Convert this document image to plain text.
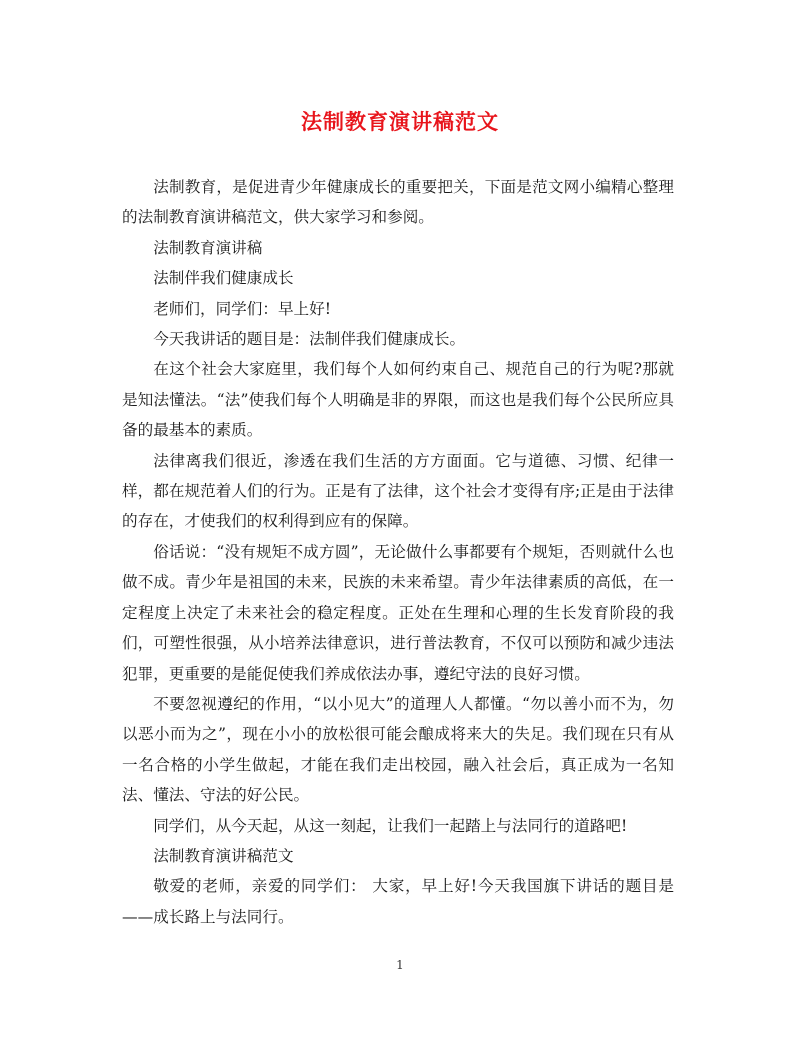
法制教育演讲稿范文

法制教育，是促进青少年健康成长的重要把关，下面是范文网小编精心整理的法制教育演讲稿范文，供大家学习和参阅。

法制教育演讲稿

法制伴我们健康成长

老师们，同学们：早上好!

今天我讲话的题目是：法制伴我们健康成长。

在这个社会大家庭里，我们每个人如何约束自己、规范自己的行为呢?那就是知法懂法。“法”使我们每个人明确是非的界限，而这也是我们每个公民所应具备的最基本的素质。

法律离我们很近，渗透在我们生活的方方面面。它与道德、习惯、纪律一样，都在规范着人们的行为。正是有了法律，这个社会才变得有序;正是由于法律的存在，才使我们的权利得到应有的保障。

俗话说：“没有规矩不成方圆”，无论做什么事都要有个规矩，否则就什么也做不成。青少年是祖国的未来，民族的未来希望。青少年法律素质的高低，在一定程度上决定了未来社会的稳定程度。正处在生理和心理的生长发育阶段的我们，可塑性很强，从小培养法律意识，进行普法教育，不仅可以预防和减少违法犯罪，更重要的是能促使我们养成依法办事，遵纪守法的良好习惯。

不要忽视遵纪的作用，“以小见大”的道理人人都懂。“勿以善小而不为，勿以恶小而为之”，现在小小的放松很可能会酿成将来大的失足。我们现在只有从一名合格的小学生做起，才能在我们走出校园，融入社会后，真正成为一名知法、懂法、守法的好公民。

同学们，从今天起，从这一刻起，让我们一起踏上与法同行的道路吧!

法制教育演讲稿范文

敬爱的老师，亲爱的同学们： 大家，早上好!今天我国旗下讲话的题目是——成长路上与法同行。

1
